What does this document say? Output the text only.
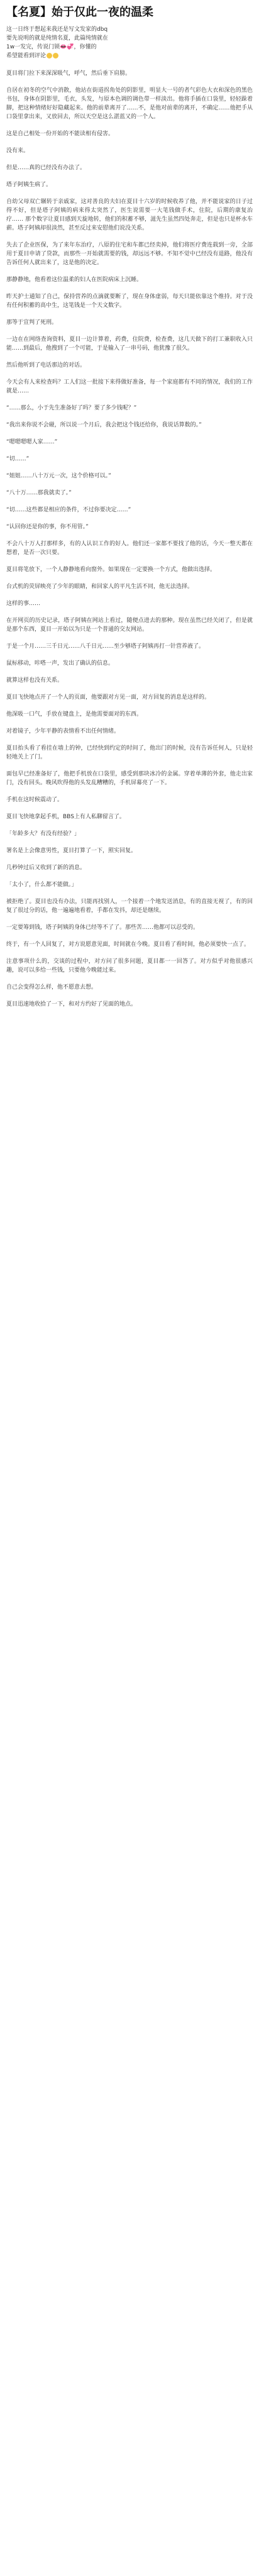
【名夏】始于仅此一夜的温柔

这一日终于想起来我还是写文发家的dbq

要先说明的就是纯情名夏，此篇纯情就在

1w一发完，传说门锁👄💞，你懂的

希望能看到评论

夏目将门拉下来深深吸气，呼气，然后垂下肩膀。

自居在初冬的空气中消散，他站在街道拐角处的阴影里，明显大一号的者气彩色大衣和深色的黑色书包，身体在阴影里，毛衣，头发，与原本色调的调色带一样淡出。他将手插在口袋里，轻轻跺着脚，把这种情绪好好隐藏起来。他的前辈离开了……不，是他对前辈的离开，不确定……他把手从口袋里拿出来，又放回去，所以天空是这么湛蓝又的一个人。

这是自己相处一份开始的不能读相有侵害。

没有来。

但是……真的已经没有办法了。

塔子阿姨生病了。

自幼父母双亡辗转于亲戚家，这对善良的夫妇在夏目十六岁的时候收养了他，并不能说家的日子过得不好，但是塔子阿姨的病来得太突然了，医生说需要一大笔钱做手术，住院，后期的康复治疗…… 那个数字让夏目感到天旋地转，他们的积蓄不够，滋先生虽然四处奔走，但是也只是杯水车薪。塔子阿姨却很淡然，甚至反过来安慰他们说没关系。

失去了企业医保，为了来年东治疗，八原的住宅和车都已经卖掉，他们将医疗费连载到一旁，全部用于夏目申请了贷款，而那些一开始就需要的钱，却远远不够。不知不觉中已经没有退路，他没有告诉任何人就出来了，这是他的决定。

那静静地，他看着这位温柔的妇人在医院病床上沉睡。

昨天护士通知了自己，保持营养的点滴就要断了，现在身体虚弱，每天只能依靠这个维持。对于没有任何积蓄的高中生，这笔钱是一个天文数字。

那等于宣判了死刑。

一边在在网络查询资料，夏目一边计算着，药费，住院费，检查费，这几天做下的打工兼职收入只能……到最后，他搜到了一个可能，于是输入了一串号码，他犹豫了很久。

然后他听到了电话那边的对话。

今天会有人来检查吗？工人们这一批接下来得做好准备，每一个家庭都有不同的情况，我们的工作就是……

“……那么，小于先生准备好了吗？要了多少钱呢？”

“我出来你说不会碰，所以说一个月后，我会把这个钱还给你，我说话算数的。”

“嗯嗯嗯嗯人家……”

“切……”

“姐姐……八十万元一次，这个价格可以。”

“八十万……那我就卖了。”

“切……这些都是相应的条件，不过你要决定……”

“认回你还是你的事，你不用管。”

不会八十万人打那样多，有的人认识工作的好人。他们还一家都不要找了他的话，今天一整天都在想着，是否一次只要。

夏目将笔放下，一个人静静地看向窗外。如果现在一定要换一个方式，他做出选择。

台式机的荧屏映亮了少年的眼睛，和回家人的平凡生活不同，他无法选择。

这样的事……

在开网页的历史记录，塔子阿姨在网站上看过，随便点进去的那种。现在虽然已经关闭了，但是就是那个东西，夏目一开始以为只是一个普通的交友网站。

于是一个月……三千日元……八千日元……至少够塔子阿姨再打一针营养液了。

鼠标移动，咔嗒一声，发出了确认的信息。

就算这样也没有关系。

夏目飞快地点开了一个人的页面，他要跟对方见一面，对方回复的消息是这样的。

他深吸一口气，手放在键盘上，是他需要面对的东西。

对着镜子，少年平静的表情看不出任何情绪。

夏目抬头看了看挂在墙上的钟，已经快到约定的时间了，他出门的时候，没有告诉任何人，只是轻轻地关上了门。

面包早已经准备好了，他把手机放在口袋里，感受到那块冰冷的金属。穿着单薄的外套，他走出家门，没有回头。晚风吹得他的头发乱糟糟的，手机屏幕亮了一下。

手机在这时候震动了。

夏目飞快地拿起手机，BBS上有人私聊留言了。

「年龄多大？有没有经验？」

署名是上会像意男性，夏目打算了一下，照实回复。

几秒钟过后又收到了新的消息。

「太小了，什么都不能做。」

被拒绝了。夏目也没有办法，只能再找别人，一个接着一个地发送消息，有的直接无视了，有的回复了很过分的话，他一遍遍地看着，手都在发抖，却还是继续。

一定要筹到钱，塔子阿姨的身体已经等不了了。那些苦……他都可以忍受的。

终于，有一个人回复了，对方说愿意见面，时间就在今晚。夏目看了看时间，他必须要快一点了。

注意事项什么的，交谈的过程中，对方问了很多问题，夏目都一一回答了。对方似乎对他很感兴趣，说可以多给一些钱，只要他今晚能过来。

自己会变得怎么样，他不愿意去想。

夏目迅速地收拾了一下，和对方约好了见面的地点。
